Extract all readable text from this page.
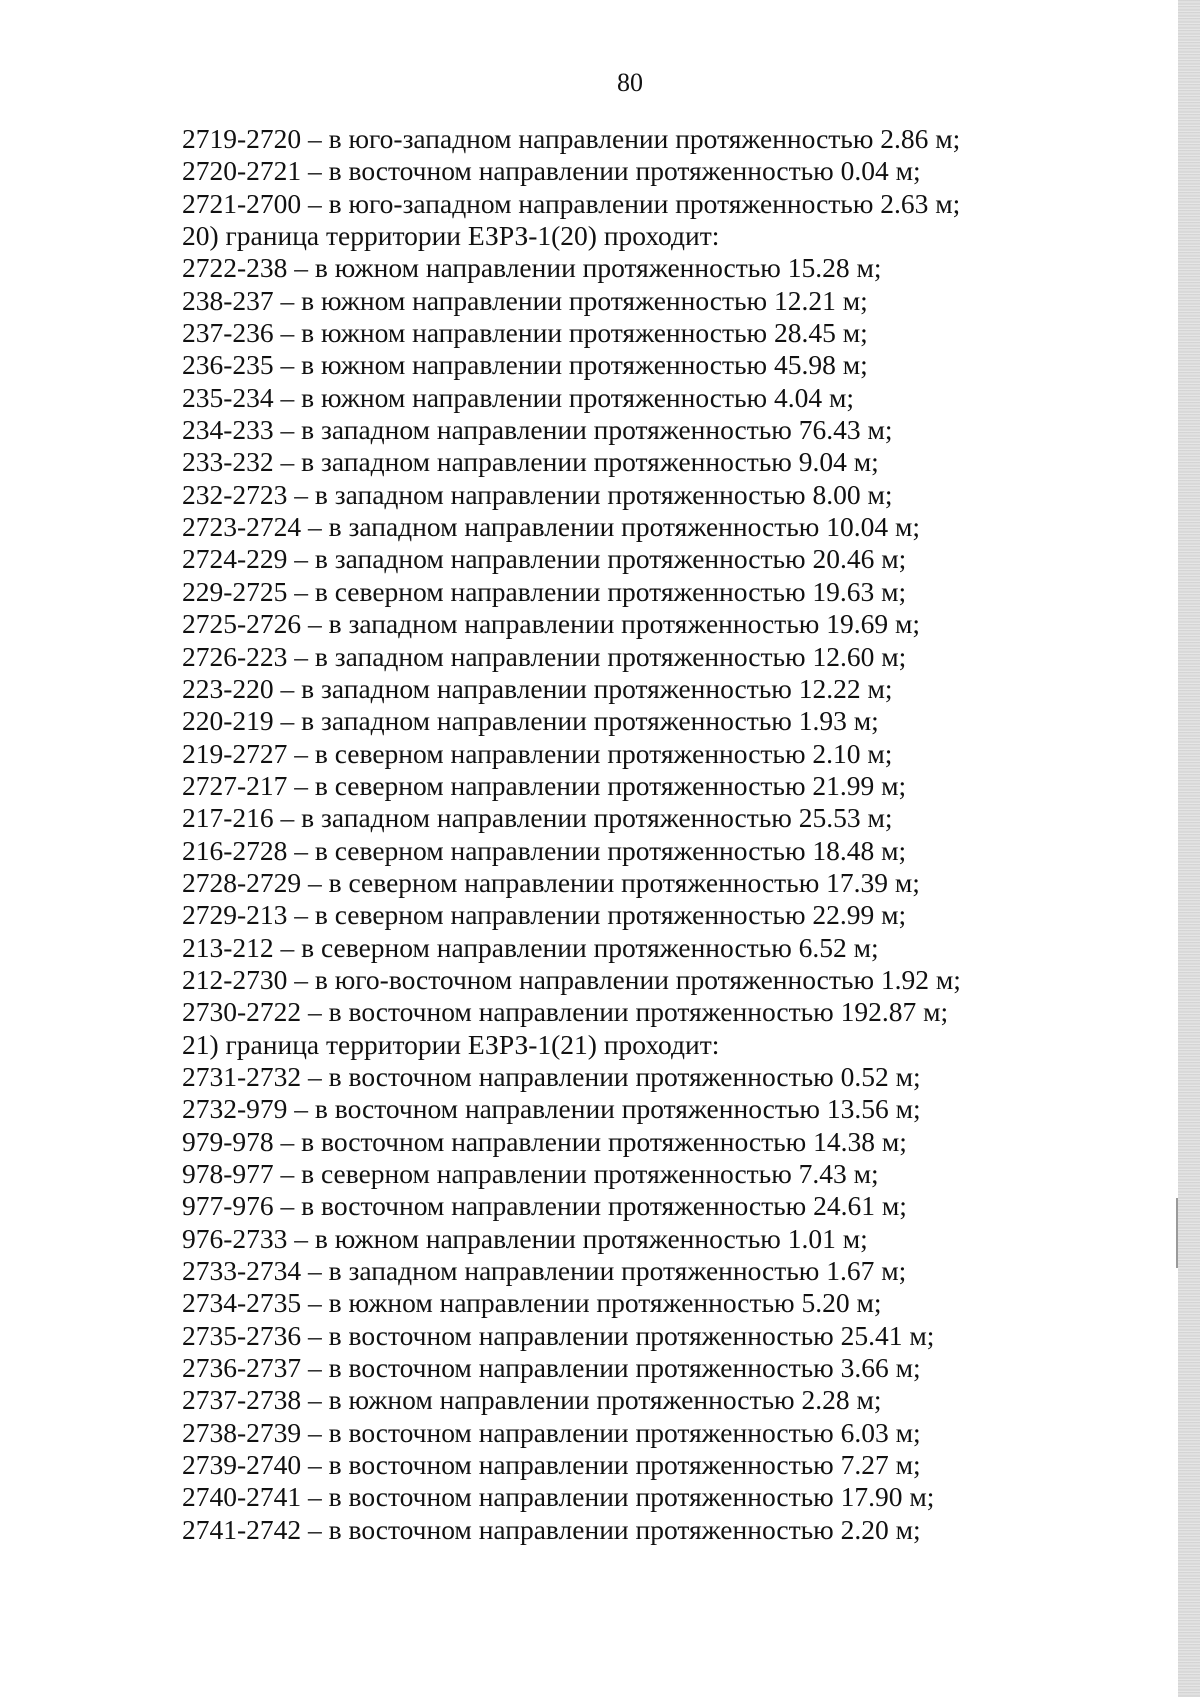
80
2719-2720 – в юго-западном направлении протяженностью 2.86 м;
2720-2721 – в восточном направлении протяженностью 0.04 м;
2721-2700 – в юго-западном направлении протяженностью 2.63 м;
20) граница территории ЕЗРЗ-1(20) проходит:
2722-238 – в южном направлении протяженностью 15.28 м;
238-237 – в южном направлении протяженностью 12.21 м;
237-236 – в южном направлении протяженностью 28.45 м;
236-235 – в южном направлении протяженностью 45.98 м;
235-234 – в южном направлении протяженностью 4.04 м;
234-233 – в западном направлении протяженностью 76.43 м;
233-232 – в западном направлении протяженностью 9.04 м;
232-2723 – в западном направлении протяженностью 8.00 м;
2723-2724 – в западном направлении протяженностью 10.04 м;
2724-229 – в западном направлении протяженностью 20.46 м;
229-2725 – в северном направлении протяженностью 19.63 м;
2725-2726 – в западном направлении протяженностью 19.69 м;
2726-223 – в западном направлении протяженностью 12.60 м;
223-220 – в западном направлении протяженностью 12.22 м;
220-219 – в западном направлении протяженностью 1.93 м;
219-2727 – в северном направлении протяженностью 2.10 м;
2727-217 – в северном направлении протяженностью 21.99 м;
217-216 – в западном направлении протяженностью 25.53 м;
216-2728 – в северном направлении протяженностью 18.48 м;
2728-2729 – в северном направлении протяженностью 17.39 м;
2729-213 – в северном направлении протяженностью 22.99 м;
213-212 – в северном направлении протяженностью 6.52 м;
212-2730 – в юго-восточном направлении протяженностью 1.92 м;
2730-2722 – в восточном направлении протяженностью 192.87 м;
21) граница территории ЕЗРЗ-1(21) проходит:
2731-2732 – в восточном направлении протяженностью 0.52 м;
2732-979 – в восточном направлении протяженностью 13.56 м;
979-978 – в восточном направлении протяженностью 14.38 м;
978-977 – в северном направлении протяженностью 7.43 м;
977-976 – в восточном направлении протяженностью 24.61 м;
976-2733 – в южном направлении протяженностью 1.01 м;
2733-2734 – в западном направлении протяженностью 1.67 м;
2734-2735 – в южном направлении протяженностью 5.20 м;
2735-2736 – в восточном направлении протяженностью 25.41 м;
2736-2737 – в восточном направлении протяженностью 3.66 м;
2737-2738 – в южном направлении протяженностью 2.28 м;
2738-2739 – в восточном направлении протяженностью 6.03 м;
2739-2740 – в восточном направлении протяженностью 7.27 м;
2740-2741 – в восточном направлении протяженностью 17.90 м;
2741-2742 – в восточном направлении протяженностью 2.20 м;
